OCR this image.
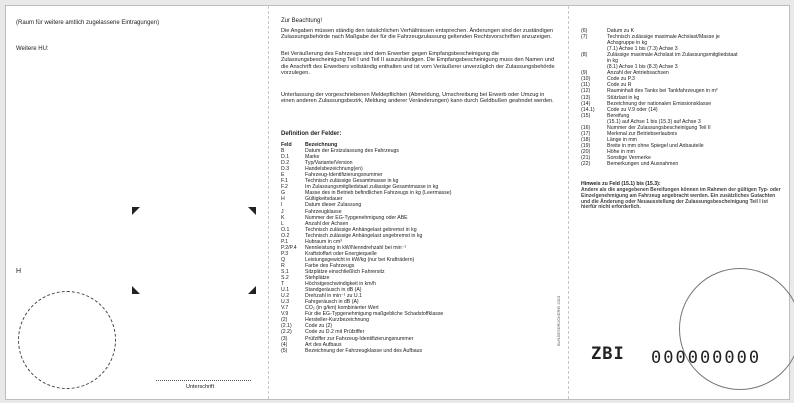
(Raum für weitere amtlich zugelassene Eintragungen)
Weitere HU:
H
Unterschrift
Zur Beachtung!
Die Angaben müssen ständig den tatsächlichen Verhältnissen entsprechen. Änderungen sind der zuständigen Zulassungsbehörde nach Maßgabe der für die Fahrzeugzulassung geltenden Rechtsvorschriften anzuzeigen.
Bei Veräußerung des Fahrzeugs sind dem Erwerber gegen Empfangsbescheinigung die Zulassungsbescheinigung Teil I und Teil II auszuhändigen. Die Empfangsbescheinigung muss den Namen und die Anschrift des Erwerbers vollständig enthalten und ist vom Veräußerer unverzüglich der Zulassungsbehörde vorzulegen.
Unterlassung der vorgeschriebenen Meldepflichten (Abmeldung, Umschreibung bei Erwerb oder Umzug in einen anderen Zulassungsbezirk, Meldung anderer Veränderungen) kann durch Geldbußen geahndet werden.
Definition der Felder:
Feld	Bezeichnung
B	Datum der Erstzulassung des Fahrzeugs
D.1	Marke
D.2	Typ/Variante/Version
D.3	Handelsbezeichnung(en)
E	Fahrzeug-Identifizierungsnummer
F.1	Technisch zulässige Gesamtmasse in kg
F.2	Im Zulassungsmitgliedstaat zulässige Gesamtmasse in kg
G	Masse des in Betrieb befindlichen Fahrzeugs in kg (Leermasse)
H	Gültigkeitsdauer
I	Datum dieser Zulassung
J	Fahrzeugklasse
K	Nummer der EG-Typgenehmigung oder ABE
L	Anzahl der Achsen
O.1	Technisch zulässige Anhängelast gebremst in kg
O.2	Technisch zulässige Anhängelast ungebremst in kg
P.1	Hubraum in cm³
P.2/P.4	Nennleistung in kW/Nenndrehzahl bei min⁻¹
P.3	Kraftstoffart oder Energiequelle
Q	Leistungsgewicht in kW/kg (nur bei Krafträdern)
R	Farbe des Fahrzeugs
S.1	Sitzplätze einschließlich Fahrersitz
S.2	Stehplätze
T	Höchstgeschwindigkeit in km/h
U.1	Standgeräusch in dB (A)
U.2	Drehzahl in min⁻¹ zu U.1
U.3	Fahrgeräusch in dB (A)
V.7	CO₂ (in g/km) kombinierter Wert
V.9	Für die EG-Typgenehmigung maßgebliche Schadstoffklasse
(2)	Hersteller-Kurzbezeichnung
(2.1)	Code zu (2)
(2.2)	Code zu D.2 mit Prüfziffer
(3)	Prüfziffer zur Fahrzeug-Identifizierungsnummer
(4)	Art des Aufbaus
(5)	Bezeichnung der Fahrzeugklasse und des Aufbaus
BUNDESDRUCKEREI 2013
(6)	Datum zu K
(7)	Technisch zulässige maximale Achslast/Masse je
Achsgruppe in kg
(7.1) Achse 1 bis (7.3) Achse 3
(8)	Zulässige maximale Achslast im Zulassungsmitgliedstaat
in kg
(8.1) Achse 1 bis (8.3) Achse 3
(9)	Anzahl der Antriebsachsen
(10)	Code zu P.3
(11)	Code zu R
(12)	Rauminhalt des Tanks bei Tankfahrzeugen in m³
(13)	Stützlast in kg
(14)	Bezeichnung der nationalen Emissionsklasse
(14.1)	Code zu V.9 oder (14)
(15)	Bereifung
(15.1) auf Achse 1 bis (15.3) auf Achse 3
(16)	Nummer der Zulassungsbescheinigung Teil II
(17)	Merkmal zur Betriebserlaubnis
(18)	Länge in mm
(19)	Breite in mm ohne Spiegel und Anbauteile
(20)	Höhe in mm
(21)	Sonstige Vermerke
(22)	Bemerkungen und Ausnahmen
Hinweis zu Feld (15.1) bis (15.3):
Andere als die angegebenen Bereifungen können im Rahmen der gültigen Typ- oder Einzelgenehmigung am Fahrzeug angebracht werden. Ein zusätzliches Gutachten und die Änderung oder Neuausstellung der Zulassungsbescheinigung Teil I ist hierfür nicht erforderlich.
ZBI 000000000
